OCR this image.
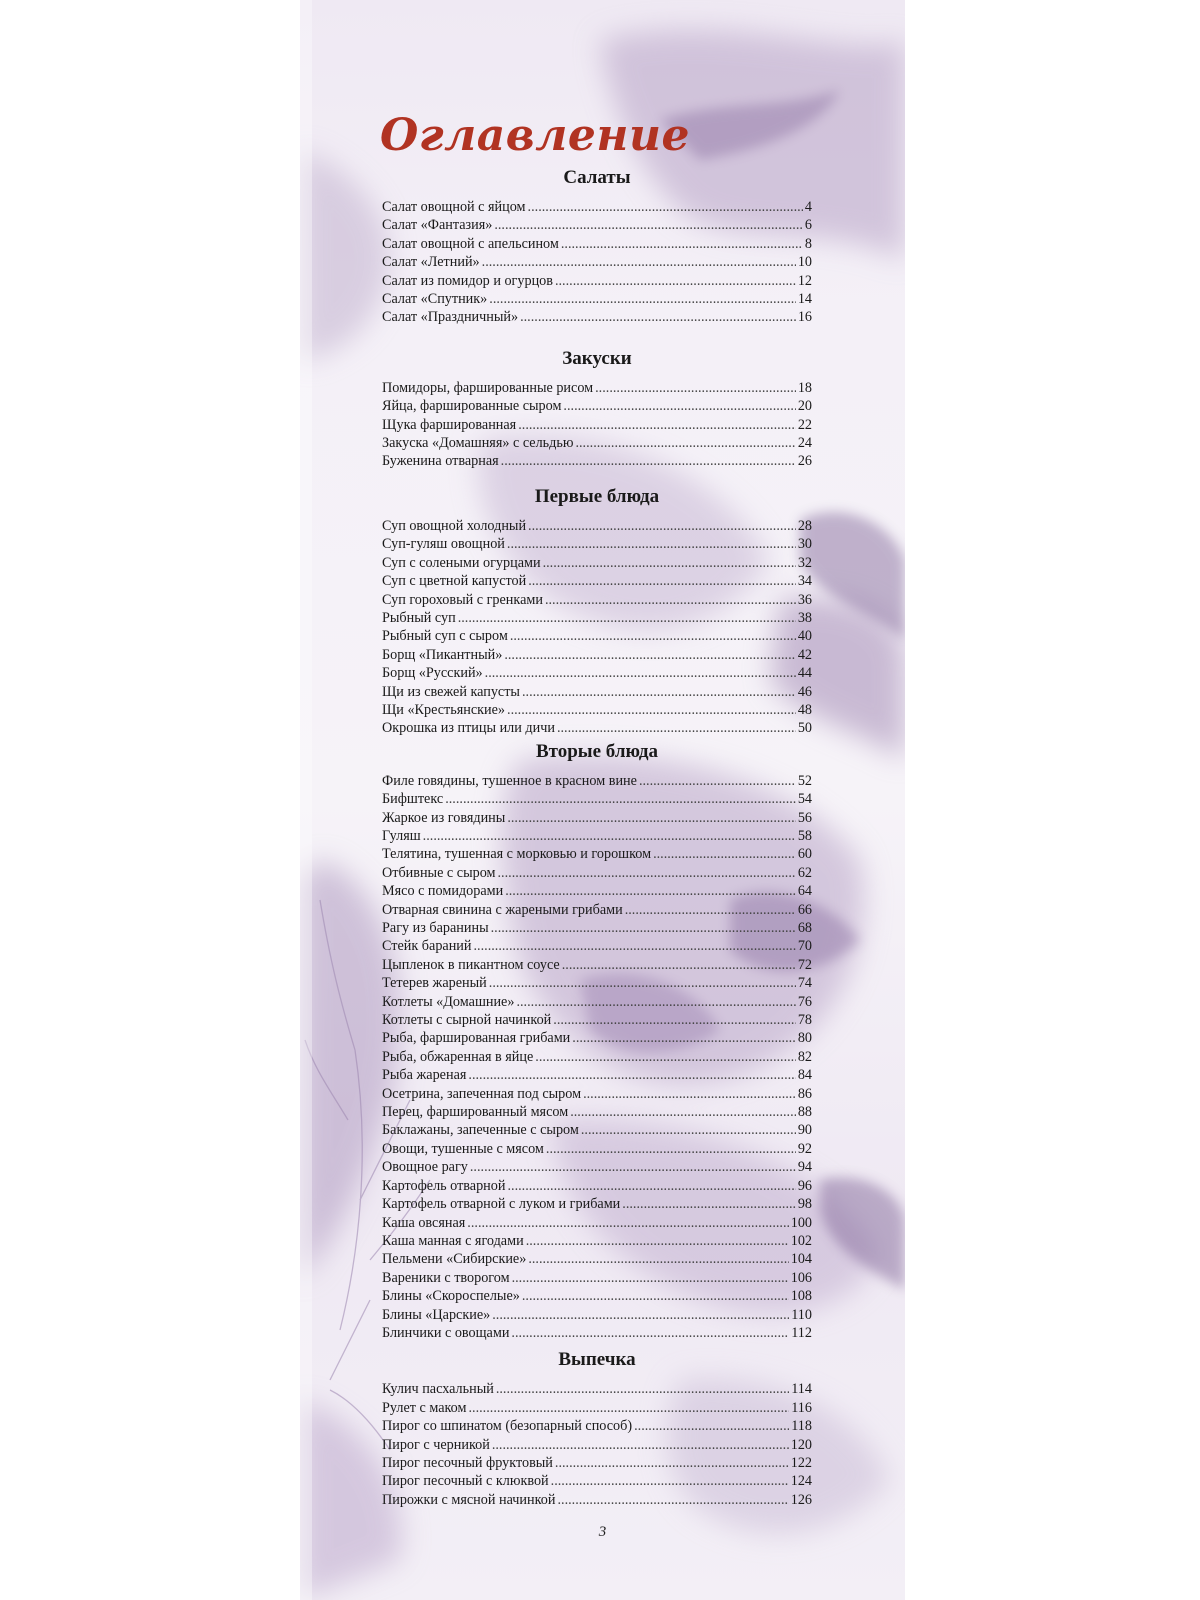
Оглавление
Салаты
Салат овощной с яйцом .....	4
Салат «Фантазия» .....	6
Салат овощной с апельсином .....	8
Салат «Летний» .....	10
Салат из помидор и огурцов .....	12
Салат «Спутник» .....	14
Салат «Праздничный» .....	16
Закуски
Помидоры, фаршированные рисом .....	18
Яйца, фаршированные сыром .....	20
Щука фаршированная .....	22
Закуска «Домашняя» с сельдью .....	24
Буженина отварная .....	26
Первые блюда
Суп овощной холодный .....	28
Суп-гуляш овощной .....	30
Суп с солеными огурцами .....	32
Суп с цветной капустой .....	34
Суп гороховый с гренками .....	36
Рыбный суп .....	38
Рыбный суп с сыром .....	40
Борщ «Пикантный» .....	42
Борщ «Русский» .....	44
Щи из свежей капусты .....	46
Щи «Крестьянские» .....	48
Окрошка из птицы или дичи .....	50
Вторые блюда
Филе говядины, тушенное в красном вине .....	52
Бифштекс .....	54
Жаркое из говядины .....	56
Гуляш .....	58
Телятина, тушенная с морковью и горошком .....	60
Отбивные с сыром .....	62
Мясо с помидорами .....	64
Отварная свинина с жареными грибами .....	66
Рагу из баранины .....	68
Стейк бараний .....	70
Цыпленок в пикантном соусе .....	72
Тетерев жареный .....	74
Котлеты «Домашние» .....	76
Котлеты с сырной начинкой .....	78
Рыба, фаршированная грибами .....	80
Рыба, обжаренная в яйце .....	82
Рыба жареная .....	84
Осетрина, запеченная под сыром .....	86
Перец, фаршированный мясом .....	88
Баклажаны, запеченные с сыром .....	90
Овощи, тушенные с мясом .....	92
Овощное рагу .....	94
Картофель отварной .....	96
Картофель отварной с луком и грибами .....	98
Каша овсяная .....	100
Каша манная с ягодами .....	102
Пельмени «Сибирские» .....	104
Вареники с творогом .....	106
Блины «Скороспелые» .....	108
Блины «Царские» .....	110
Блинчики с овощами .....	112
Выпечка
Кулич пасхальный .....	114
Рулет с маком .....	116
Пирог со шпинатом (безопарный способ) .....	118
Пирог с черникой .....	120
Пирог песочный фруктовый .....	122
Пирог песочный с клюквой .....	124
Пирожки с мясной начинкой .....	126
3
